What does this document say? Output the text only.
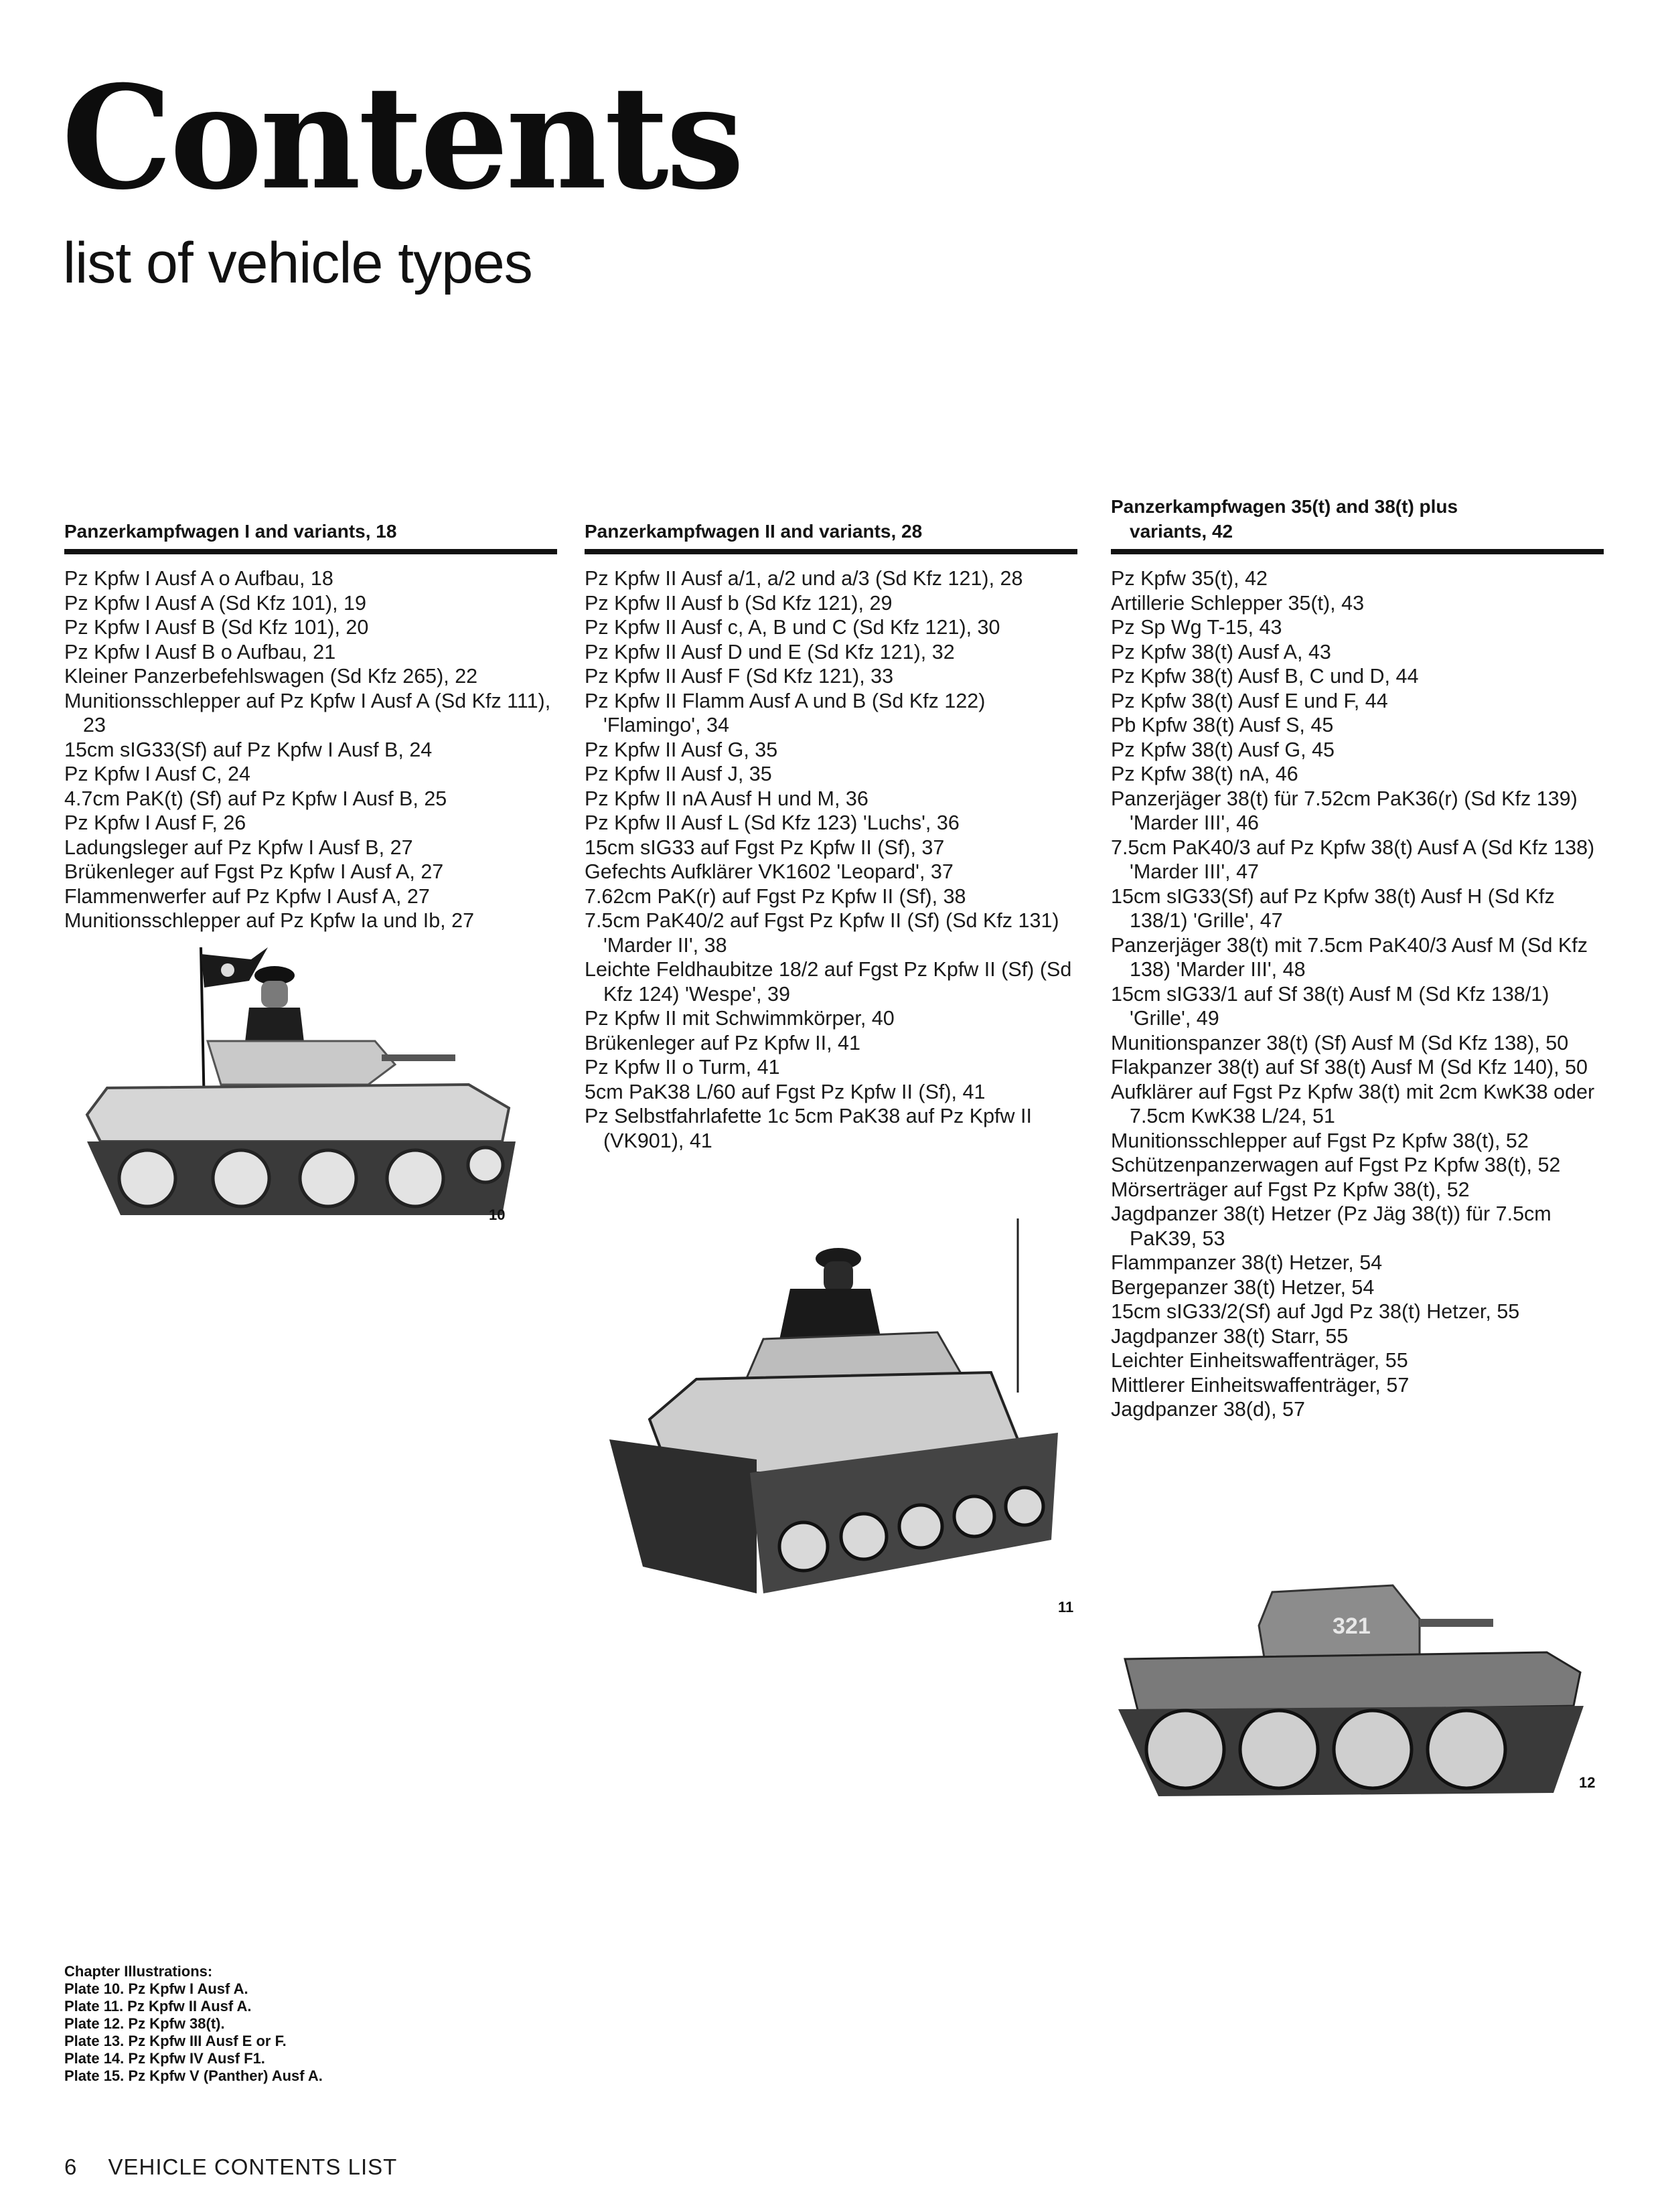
Contents
list of vehicle types
Panzerkampfwagen I and variants, 18
Pz Kpfw I Ausf A o Aufbau, 18
Pz Kpfw I Ausf A (Sd Kfz 101), 19
Pz Kpfw I Ausf B (Sd Kfz 101), 20
Pz Kpfw I Ausf B o Aufbau, 21
Kleiner Panzerbefehlswagen (Sd Kfz 265), 22
Munitionsschlepper auf Pz Kpfw I Ausf A (Sd Kfz 111), 23
15cm sIG33(Sf) auf Pz Kpfw I Ausf B, 24
Pz Kpfw I Ausf C, 24
4.7cm PaK(t) (Sf) auf Pz Kpfw I Ausf B, 25
Pz Kpfw I Ausf F, 26
Ladungsleger auf Pz Kpfw I Ausf B, 27
Brükenleger auf Fgst Pz Kpfw I Ausf A, 27
Flammenwerfer auf Pz Kpfw I Ausf A, 27
Munitionsschlepper auf Pz Kpfw Ia und Ib, 27
Panzerkampfwagen II and variants, 28
Pz Kpfw II Ausf a/1, a/2 und a/3 (Sd Kfz 121), 28
Pz Kpfw II Ausf b (Sd Kfz 121), 29
Pz Kpfw II Ausf c, A, B und C (Sd Kfz 121), 30
Pz Kpfw II Ausf D und E (Sd Kfz 121), 32
Pz Kpfw II Ausf F (Sd Kfz 121), 33
Pz Kpfw II Flamm Ausf A und B (Sd Kfz 122) 'Flamingo', 34
Pz Kpfw II Ausf G, 35
Pz Kpfw II Ausf J, 35
Pz Kpfw II nA Ausf H und M, 36
Pz Kpfw II Ausf L (Sd Kfz 123) 'Luchs', 36
15cm sIG33 auf Fgst Pz Kpfw II (Sf), 37
Gefechts Aufklärer VK1602 'Leopard', 37
7.62cm PaK(r) auf Fgst Pz Kpfw II (Sf), 38
7.5cm PaK40/2 auf Fgst Pz Kpfw II (Sf) (Sd Kfz 131) 'Marder II', 38
Leichte Feldhaubitze 18/2 auf Fgst Pz Kpfw II (Sf) (Sd Kfz 124) 'Wespe', 39
Pz Kpfw II mit Schwimmkörper, 40
Brükenleger auf Pz Kpfw II, 41
Pz Kpfw II o Turm, 41
5cm PaK38 L/60 auf Fgst Pz Kpfw II (Sf), 41
Pz Selbstfahrlafette 1c 5cm PaK38 auf Pz Kpfw II (VK901), 41
Panzerkampfwagen 35(t) and 38(t) plus
variants, 42
Pz Kpfw 35(t), 42
Artillerie Schlepper 35(t), 43
Pz Sp Wg T-15, 43
Pz Kpfw 38(t) Ausf A, 43
Pz Kpfw 38(t) Ausf B, C und D, 44
Pz Kpfw 38(t) Ausf E und F, 44
Pb Kpfw 38(t) Ausf S, 45
Pz Kpfw 38(t) Ausf G, 45
Pz Kpfw 38(t) nA, 46
Panzerjäger 38(t) für 7.52cm PaK36(r) (Sd Kfz 139) 'Marder III', 46
7.5cm PaK40/3 auf Pz Kpfw 38(t) Ausf A (Sd Kfz 138) 'Marder III', 47
15cm sIG33(Sf) auf Pz Kpfw 38(t) Ausf H (Sd Kfz 138/1) 'Grille', 47
Panzerjäger 38(t) mit 7.5cm PaK40/3 Ausf M (Sd Kfz 138) 'Marder III', 48
15cm sIG33/1 auf Sf 38(t) Ausf M (Sd Kfz 138/1) 'Grille', 49
Munitionspanzer 38(t) (Sf) Ausf M (Sd Kfz 138), 50
Flakpanzer 38(t) auf Sf 38(t) Ausf M (Sd Kfz 140), 50
Aufklärer auf Fgst Pz Kpfw 38(t) mit 2cm KwK38 oder 7.5cm KwK38 L/24, 51
Munitionsschlepper auf Fgst Pz Kpfw 38(t), 52
Schützenpanzerwagen auf Fgst Pz Kpfw 38(t), 52
Mörserträger auf Fgst Pz Kpfw 38(t), 52
Jagdpanzer 38(t) Hetzer (Pz Jäg 38(t)) für 7.5cm PaK39, 53
Flammpanzer 38(t) Hetzer, 54
Bergepanzer 38(t) Hetzer, 54
15cm sIG33/2(Sf) auf Jgd Pz 38(t) Hetzer, 55
Jagdpanzer 38(t) Starr, 55
Leichter Einheitswaffenträger, 55
Mittlerer Einheitswaffenträger, 57
Jagdpanzer 38(d), 57
10
11
321
12
Chapter Illustrations:
Plate 10. Pz Kpfw I Ausf A.
Plate 11. Pz Kpfw II Ausf A.
Plate 12. Pz Kpfw 38(t).
Plate 13. Pz Kpfw III Ausf E or F.
Plate 14. Pz Kpfw IV Ausf F1.
Plate 15. Pz Kpfw V (Panther) Ausf A.
6 VEHICLE CONTENTS LIST
